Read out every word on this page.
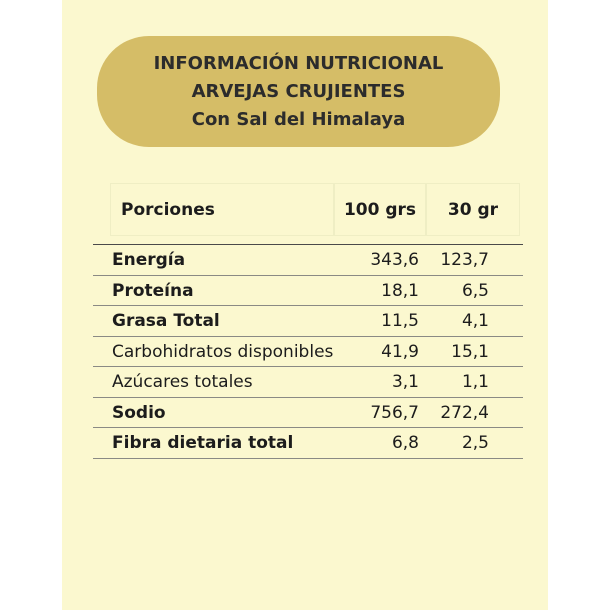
INFORMACIÓN NUTRICIONAL
ARVEJAS CRUJIENTES
Con Sal del Himalaya
Porciones	100 grs	30 gr
Energía	343,6 123,7
Proteína	18,1	6,5
Grasa Total	11,5	4,1
Carbohidratos disponibles	41,9 15,1
Azúcares totales	3,1	1,1
Sodio	756,7 272,4
Fibra dietaria total	6,8	2,5
